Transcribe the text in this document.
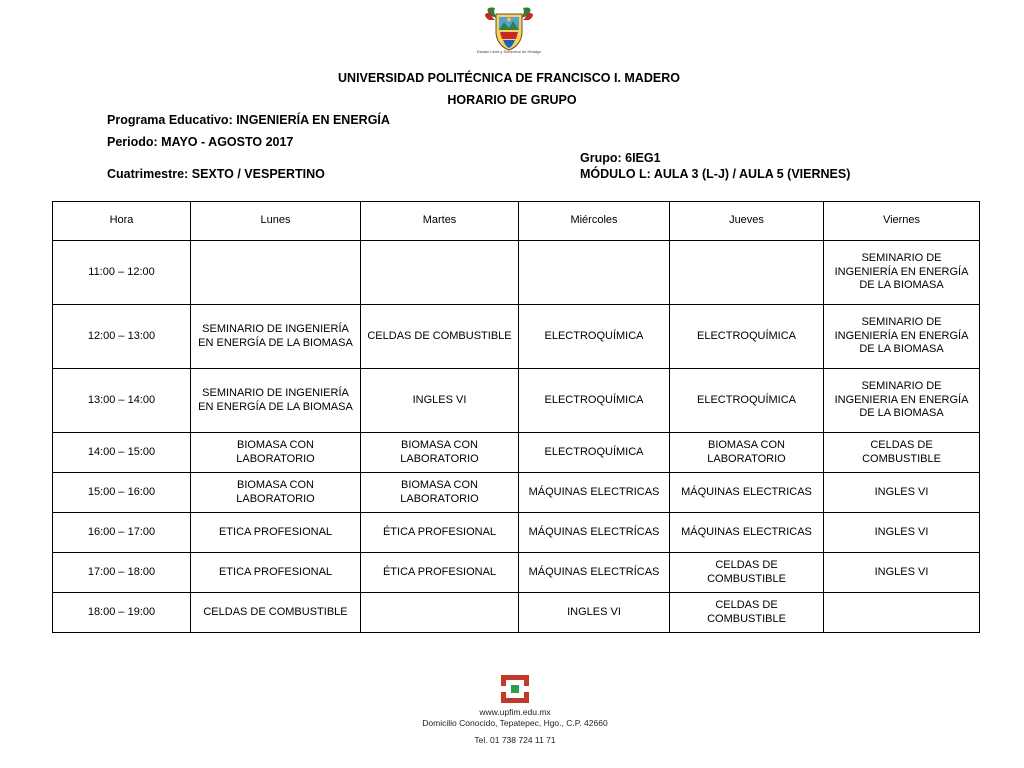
Estado Libre y Soberano de Hidalgo
UNIVERSIDAD POLITÉCNICA DE FRANCISCO I. MADERO
HORARIO DE GRUPO
Programa Educativo: INGENIERÍA EN ENERGÍA
Periodo: MAYO - AGOSTO 2017
Cuatrimestre: SEXTO / VESPERTINO
Grupo: 6IEG1
MÓDULO L: AULA 3 (L-J) / AULA 5 (VIERNES)
Hora	Lunes	Martes	Miércoles	Jueves	Viernes
11:00 – 12:00					SEMINARIO DE INGENIERÍA EN ENERGÍA DE LA BIOMASA
12:00 – 13:00	SEMINARIO DE INGENIERÍA EN ENERGÍA DE LA BIOMASA	CELDAS DE COMBUSTIBLE	ELECTROQUÍMICA	ELECTROQUÍMICA	SEMINARIO DE INGENIERÍA EN ENERGÍA DE LA BIOMASA
13:00 – 14:00	SEMINARIO DE INGENIERÍA EN ENERGÍA DE LA BIOMASA	INGLES VI	ELECTROQUÍMICA	ELECTROQUÍMICA	SEMINARIO DE INGENIERIA EN ENERGÍA DE LA BIOMASA
14:00 – 15:00	BIOMASA CON LABORATORIO	BIOMASA CON LABORATORIO	ELECTROQUÍMICA	BIOMASA CON LABORATORIO	CELDAS DE COMBUSTIBLE
15:00 – 16:00	BIOMASA CON LABORATORIO	BIOMASA CON LABORATORIO	MÁQUINAS ELECTRICAS	MÁQUINAS ELECTRICAS	INGLES VI
16:00 – 17:00	ETICA PROFESIONAL	ÉTICA PROFESIONAL	MÁQUINAS ELECTRÍCAS	MÁQUINAS ELECTRICAS	INGLES VI
17:00 – 18:00	ETICA PROFESIONAL	ÉTICA PROFESIONAL	MÁQUINAS ELECTRÍCAS	CELDAS DE COMBUSTIBLE	INGLES VI
18:00 – 19:00	CELDAS DE COMBUSTIBLE		INGLES VI	CELDAS DE COMBUSTIBLE	
www.upfim.edu.mx
Domicilio Conocido, Tepatepec, Hgo., C.P. 42660
Tel. 01 738 724 11 71
